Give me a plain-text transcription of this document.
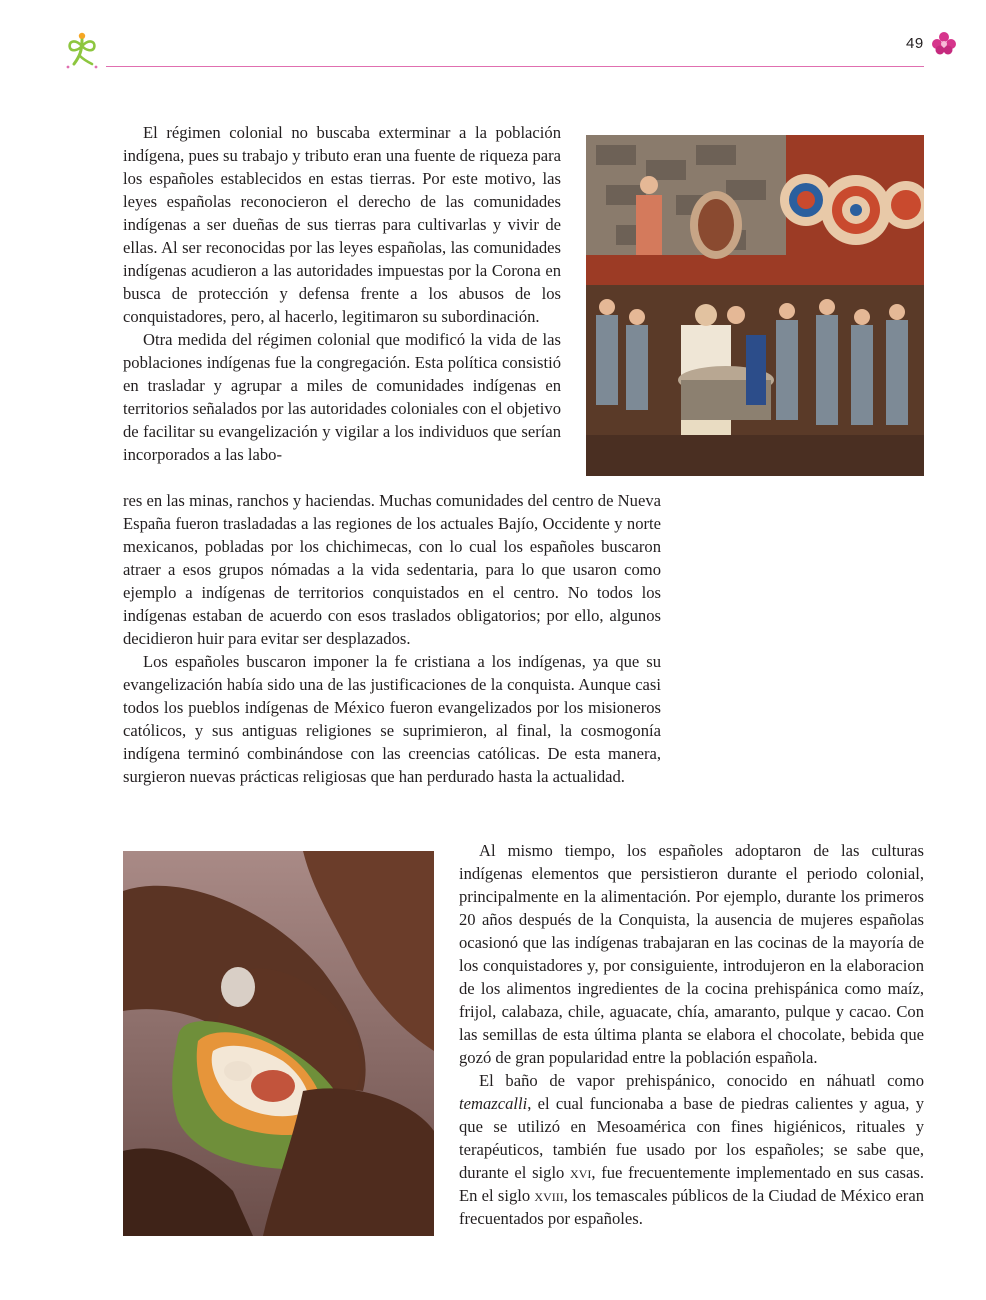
49

El régimen colonial no buscaba exterminar a la población indígena, pues su trabajo y tributo eran una fuente de riqueza para los españoles establecidos en estas tierras. Por este motivo, las leyes españolas reconocieron el derecho de las comunidades indígenas a ser dueñas de sus tierras para cultivarlas y vivir de ellas. Al ser reconocidas por las leyes españolas, las comunidades indígenas acudieron a las autoridades impuestas por la Corona en busca de protección y defensa frente a los abusos de los conquistadores, pero, al hacerlo, legitimaron su subordinación.

Otra medida del régimen colonial que modificó la vida de las poblaciones indígenas fue la congregación. Esta política consistió en trasladar y agrupar a miles de comunidades indígenas en territorios señalados por las autoridades coloniales con el objetivo de facilitar su evangelización y vigilar a los individuos que serían incorporados a las labo-

res en las minas, ranchos y haciendas. Muchas comunidades del centro de Nueva España fueron trasladadas a las regiones de los actuales Bajío, Occidente y norte mexicanos, pobladas por los chichimecas, con lo cual los españoles buscaron atraer a esos grupos nómadas a la vida sedentaria, para lo que usaron como ejemplo a indígenas de territorios conquistados en el centro. No todos los indígenas estaban de acuerdo con esos traslados obligatorios; por ello, algunos decidieron huir para evitar ser desplazados.

Los españoles buscaron imponer la fe cristiana a los indígenas, ya que su evangelización había sido una de las justificaciones de la conquista. Aunque casi todos los pueblos indígenas de México fueron evangelizados por los misioneros católicos, y sus antiguas religiones se suprimieron, al final, la cosmogonía indígena terminó combinándose con las creencias católicas. De esta manera, surgieron nuevas prácticas religiosas que han perdurado hasta la actualidad.

Al mismo tiempo, los españoles adoptaron de las culturas indígenas elementos que persistieron durante el periodo colonial, principalmente en la alimentación. Por ejemplo, durante los primeros 20 años después de la Conquista, la ausencia de mujeres españolas ocasionó que las indígenas trabajaran en las cocinas de la mayoría de los conquistadores y, por consiguiente, introdujeron en la elaboracion de los alimentos ingredientes de la cocina prehispánica como maíz, frijol, calabaza, chile, aguacate, chía, amaranto, pulque y cacao. Con las semillas de esta última planta se elabora el chocolate, bebida que gozó de gran popularidad entre la población española.

El baño de vapor prehispánico, conocido en náhuatl como temazcalli, el cual funcionaba a base de piedras calientes y agua, y que se utilizó en Mesoamérica con fines higiénicos, rituales y terapéuticos, también fue usado por los españoles; se sabe que, durante el siglo xvi, fue frecuentemente implementado en sus casas. En el siglo xviii, los temascales públicos de la Ciudad de México eran frecuentados por españoles.
